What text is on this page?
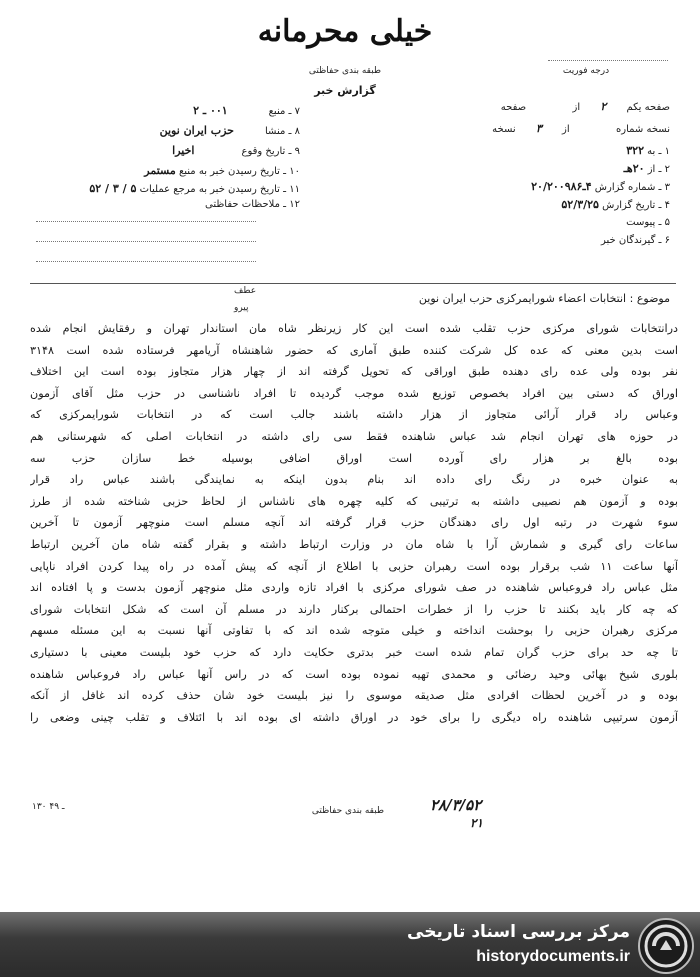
خیلی محرمانه
طبقه بندی حفاظتی
گزارش خبر
درجه فوریت
صفحه یکم ۲ از   صفحه
نسخه شماره   از ۳ نسخه
۱ ـ به ۳۲۲
۲ ـ از ۲۰هـ
۳ ـ شماره گزارش ۴ـ۲۰/۲۰۰۹۸۶
۴ ـ تاریخ گزارش ۵۲/۳/۲۵
۵ ـ پیوست
۶ ـ گیرندگان خبر
۷ ـ منبع ۰۰۱ ـ ۲
۸ ـ منشا حزب ایران نوین
۹ ـ تاریخ وقوع اخیرا
۱۰ ـ تاریخ رسیدن خبر به منبع مستمر
۱۱ ـ تاریخ رسیدن خبر به مرجع عملیات ۵ / ۳ / ۵۲
۱۲ ـ ملاحظات حفاظتی
عطف
پیرو
موضوع : انتخابات اعضاء شورایمرکزی حزب ایران نوین

درانتخابات شورای مرکزی حزب تقلب شده است این کار زیرنظر شاه مان استاندار تهران و رفقایش انجام شده

است بدین معنی که عده کل شرکت کننده طبق آماری که حضور شاهنشاه آریامهر فرستاده شده است ۳۱۴۸

نفر بوده ولی عده رای دهنده طبق اوراقی که تحویل گرفته اند از چهار هزار متجاوز بوده است این اختلاف

اوراق که دستی بین افراد بخصوص توزیع شده موجب گردیده تا افراد ناشناسی در حزب مثل آقای آزمون

وعباس راد قرار آرائی متجاوز از هزار داشته باشند جالب است که در انتخابات شورایمرکزی که

در حوزه های تهران انجام شد عباس شاهنده فقط سی رای داشته در انتخابات اصلی که شهرستانی هم

بوده بالغ بر هزار رای آورده است اوراق اضافی بوسیله خط سازان حزب سه

به عنوان خبره در رنگ رای داده اند بنام بدون اینکه به نمایندگی باشند عباس راد قرار

بوده و آزمون هم نصیبی داشته به ترتیبی که کلیه چهره های ناشناس از لحاظ حزبی شناخته شده از طرز

سوء شهرت در رتبه اول رای دهندگان حزب قرار گرفته اند آنچه مسلم است منوچهر آزمون تا آخرین

ساعات رای گیری و شمارش آرا با شاه مان در وزارت ارتباط داشته و بقرار گفته شاه مان آخرین ارتباط

آنها ساعت ۱۱ شب برقرار بوده است رهبران حزبی با اطلاع از آنچه که پیش آمده در راه پیدا کردن افراد ناپایی

مثل عباس راد فروعباس شاهنده در صف شورای مرکزی با افراد تازه واردی مثل منوچهر آزمون بدست و پا افتاده اند

که چه کار باید بکنند تا حزب را از خطرات احتمالی برکنار دارند در مسلم آن است که شکل انتخابات شورای

مرکزی رهبران حزبی را بوحشت انداخته و خیلی متوجه شده اند که با تفاوتی آنها نسبت به این مسئله مسهم

تا چه حد برای حزب گران تمام شده است خبر بدتری حکایت دارد که حزب خود بلیست معینی با دستیاری

بلوری شیخ بهائی وحید رضائی و محمدی تهیه نموده بوده است که در راس آنها عباس راد فروعباس شاهنده

بوده و در آخرین لحظات افرادی مثل صدیقه موسوی را نیز بلیست خود شان حذف کرده اند غافل از آنکه

آزمون سرتیپی شاهنده راه دیگری را برای خود در اوراق داشته ای بوده اند با ائتلاف و تقلب چینی وضعی را

۱۳۰ ـ ۴۹	طبقه بندی حفاظتی	۲۸/۳/۵۲
۲۱
مرکز بررسی اسناد تاریخی
historydocuments.ir
